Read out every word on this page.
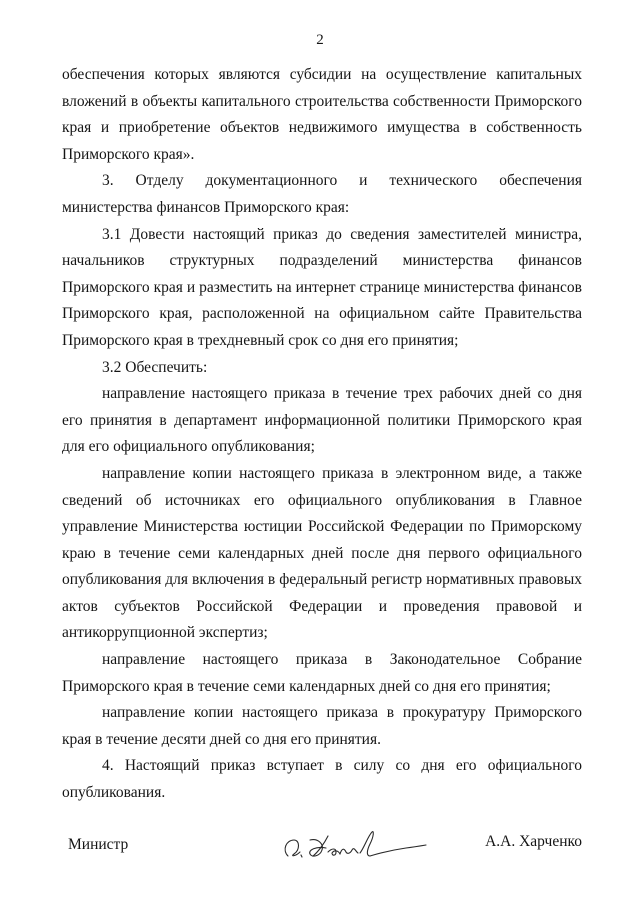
2

обеспечения которых являются субсидии на осуществление капитальных вложений в объекты капитального строительства собственности Приморского края и приобретение объектов недвижимого имущества в собственность Приморского края».

3. Отделу документационного и технического обеспечения министерства финансов Приморского края:

3.1 Довести настоящий приказ до сведения заместителей министра, начальников структурных подразделений министерства финансов Приморского края и разместить на интернет странице министерства финансов Приморского края, расположенной на официальном сайте Правительства Приморского края в трехдневный срок со дня его принятия;

3.2 Обеспечить:

направление настоящего приказа в течение трех рабочих дней со дня его принятия в департамент информационной политики Приморского края для его официального опубликования;

направление копии настоящего приказа в электронном виде, а также сведений об источниках его официального опубликования в Главное управление Министерства юстиции Российской Федерации по Приморскому краю в течение семи календарных дней после дня первого официального опубликования для включения в федеральный регистр нормативных правовых актов субъектов Российской Федерации и проведения правовой и антикоррупционной экспертиз;

направление настоящего приказа в Законодательное Собрание Приморского края в течение семи календарных дней со дня его принятия;

направление копии настоящего приказа в прокуратуру Приморского края в течение десяти дней со дня его принятия.

4. Настоящий приказ вступает в силу со дня его официального опубликования.

Министр	А.А. Харченко
